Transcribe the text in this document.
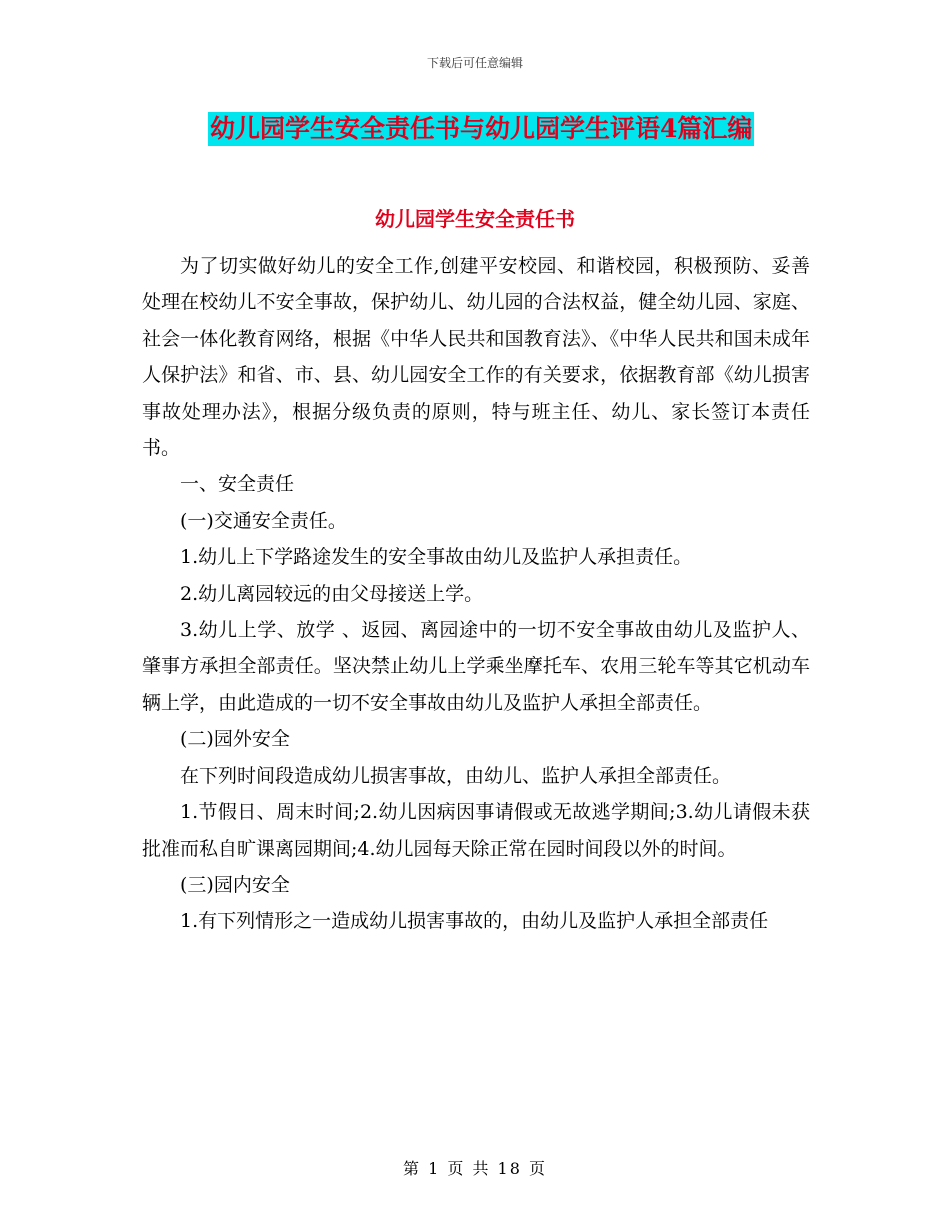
下载后可任意编辑
幼儿园学生安全责任书与幼儿园学生评语4篇汇编
幼儿园学生安全责任书

为了切实做好幼儿的安全工作,创建平安校园、和谐校园，积极预防、妥善处理在校幼儿不安全事故，保护幼儿、幼儿园的合法权益，健全幼儿园、家庭、社会一体化教育网络，根据《中华人民共和国教育法》、《中华人民共和国未成年人保护法》和省、市、县、幼儿园安全工作的有关要求，依据教育部《幼儿损害事故处理办法》，根据分级负责的原则，特与班主任、幼儿、家长签订本责任书。

一、安全责任

(一)交通安全责任。

1.幼儿上下学路途发生的安全事故由幼儿及监护人承担责任。

2.幼儿离园较远的由父母接送上学。

3.幼儿上学、放学 、返园、离园途中的一切不安全事故由幼儿及监护人、肇事方承担全部责任。坚决禁止幼儿上学乘坐摩托车、农用三轮车等其它机动车辆上学，由此造成的一切不安全事故由幼儿及监护人承担全部责任。

(二)园外安全

在下列时间段造成幼儿损害事故，由幼儿、监护人承担全部责任。

1.节假日、周末时间;2.幼儿因病因事请假或无故逃学期间;3.幼儿请假未获批准而私自旷课离园期间;4.幼儿园每天除正常在园时间段以外的时间。

(三)园内安全

1.有下列情形之一造成幼儿损害事故的，由幼儿及监护人承担全部责任

第 1 页 共 18 页
